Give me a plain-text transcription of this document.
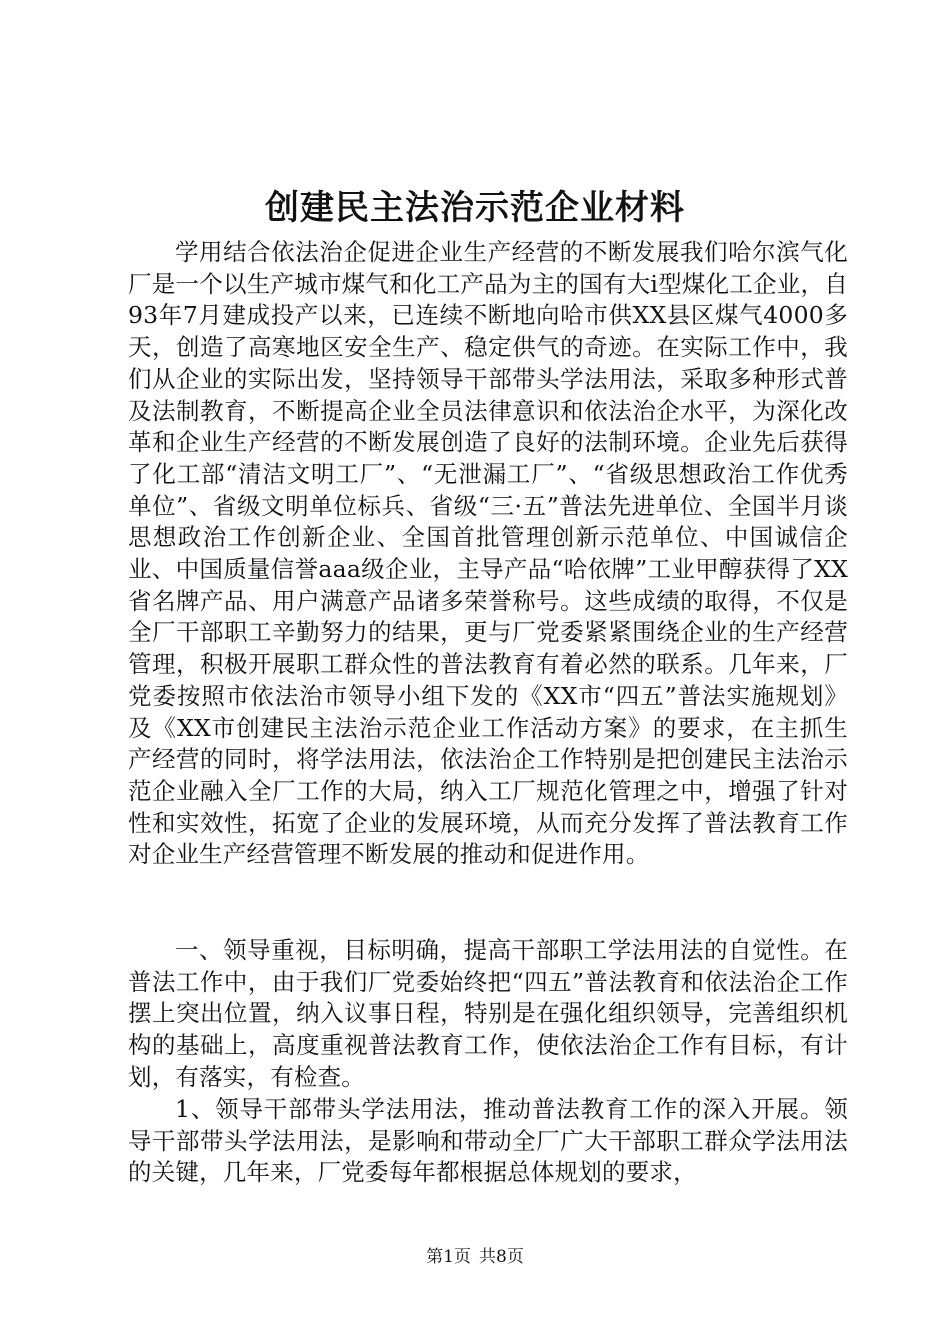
创建民主法治示范企业材料

学用结合依法治企促进企业生产经营的不断发展我们哈尔滨气化厂是一个以生产城市煤气和化工产品为主的国有大ⅰ型煤化工企业，自93年7月建成投产以来，已连续不断地向哈市供XX县区煤气4000多天，创造了高寒地区安全生产、稳定供气的奇迹。在实际工作中，我们从企业的实际出发，坚持领导干部带头学法用法，采取多种形式普及法制教育，不断提高企业全员法律意识和依法治企水平，为深化改革和企业生产经营的不断发展创造了良好的法制环境。企业先后获得了化工部“清洁文明工厂”、“无泄漏工厂”、“省级思想政治工作优秀单位”、省级文明单位标兵、省级“三·五”普法先进单位、全国半月谈思想政治工作创新企业、全国首批管理创新示范单位、中国诚信企业、中国质量信誉aaa级企业，主导产品“哈依牌”工业甲醇获得了XX省名牌产品、用户满意产品诸多荣誉称号。这些成绩的取得，不仅是全厂干部职工辛勤努力的结果，更与厂党委紧紧围绕企业的生产经营管理，积极开展职工群众性的普法教育有着必然的联系。几年来，厂党委按照市依法治市领导小组下发的《XX市“四五”普法实施规划》及《XX市创建民主法治示范企业工作活动方案》的要求，在主抓生产经营的同时，将学法用法，依法治企工作特别是把创建民主法治示范企业融入全厂工作的大局，纳入工厂规范化管理之中，增强了针对性和实效性，拓宽了企业的发展环境，从而充分发挥了普法教育工作对企业生产经营管理不断发展的推动和促进作用。

一、领导重视，目标明确，提高干部职工学法用法的自觉性。在普法工作中，由于我们厂党委始终把“四五”普法教育和依法治企工作摆上突出位置，纳入议事日程，特别是在强化组织领导，完善组织机构的基础上，高度重视普法教育工作，使依法治企工作有目标，有计划，有落实，有检查。

1、领导干部带头学法用法，推动普法教育工作的深入开展。领导干部带头学法用法，是影响和带动全厂广大干部职工群众学法用法的关键，几年来，厂党委每年都根据总体规划的要求，

第1页 共8页
